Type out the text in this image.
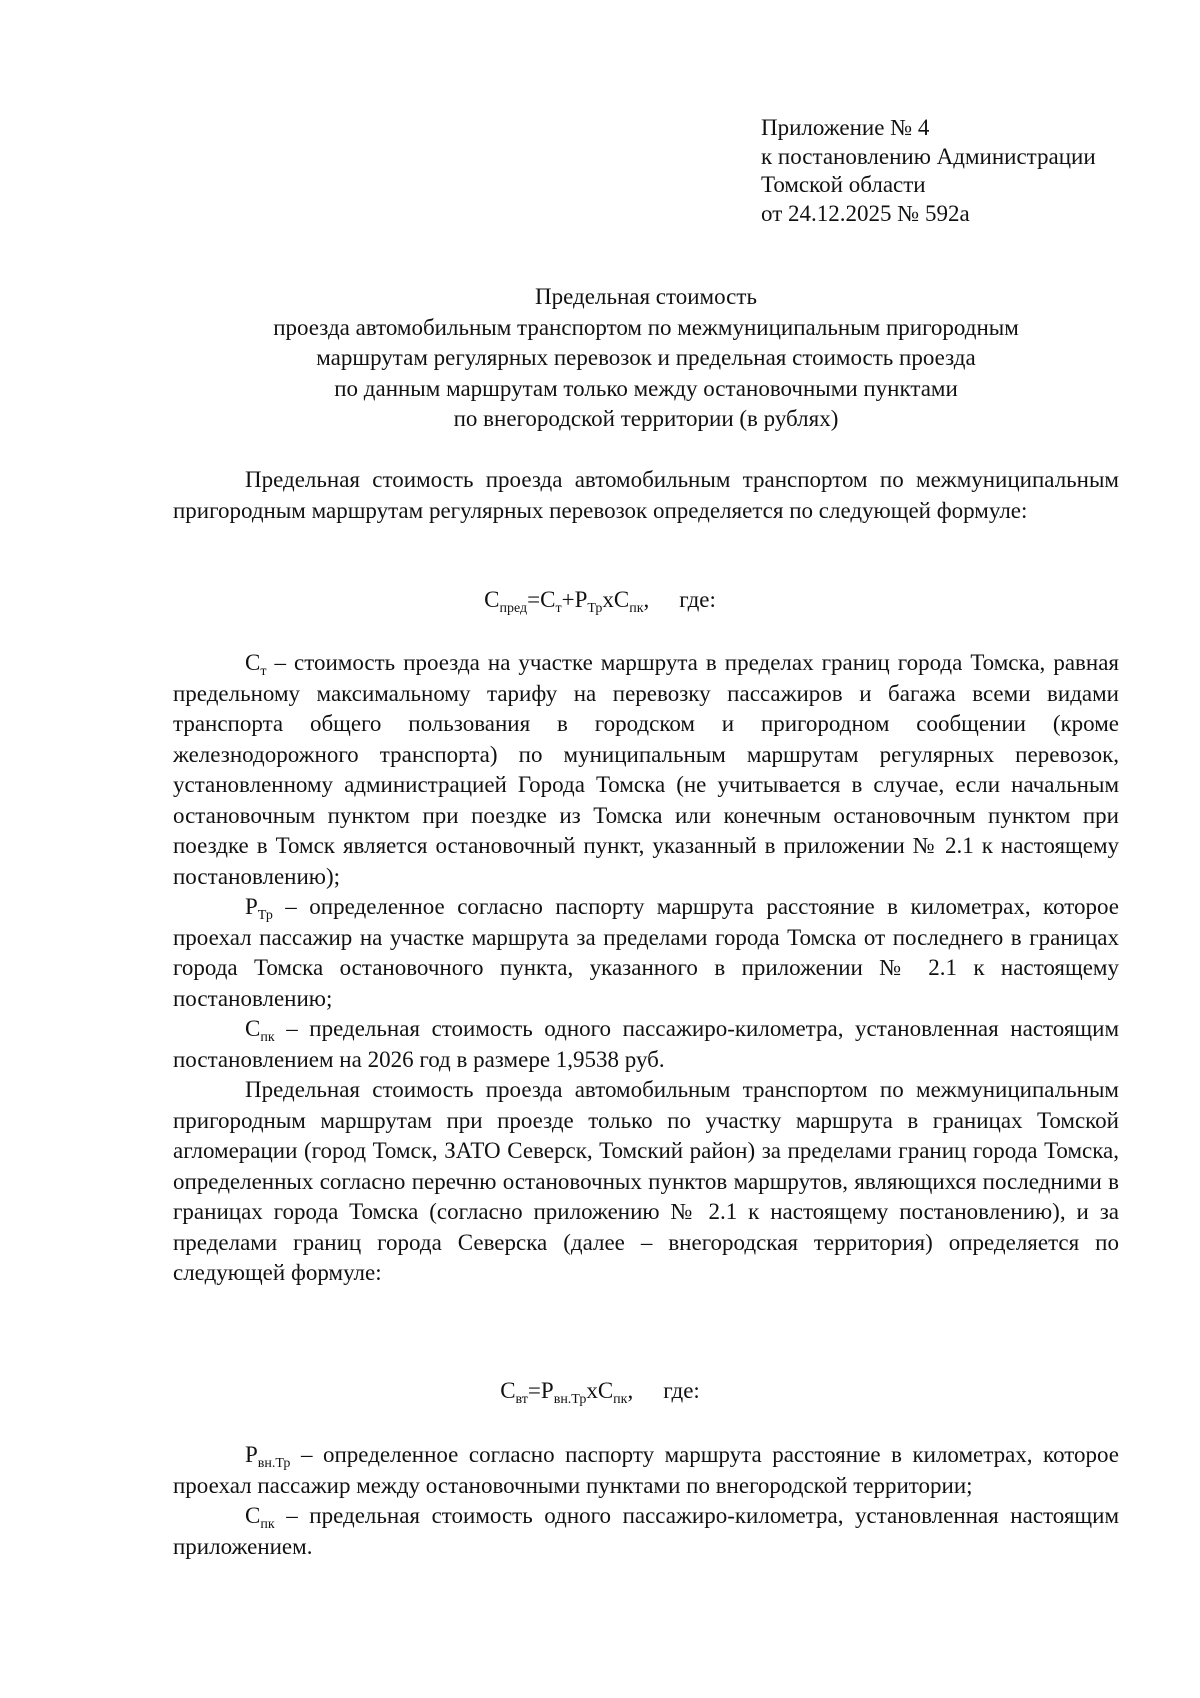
Приложение № 4
к постановлению Администрации
Томской области
от 24.12.2025 № 592а
Предельная стоимость
проезда автомобильным транспортом по межмуниципальным пригородным
маршрутам регулярных перевозок и предельная стоимость проезда
по данным маршрутам только между остановочными пунктами
по внегородской территории (в рублях)

Предельная стоимость проезда автомобильным транспортом по межмуниципальным пригородным маршрутам регулярных перевозок определяется по следующей формуле:

$С_{пред}=С_т+Р_{Тр}xС_{пк}$, где:

$С_т$ – стоимость проезда на участке маршрута в пределах границ города Томска, равная предельному максимальному тарифу на перевозку пассажиров и багажа всеми видами транспорта общего пользования в городском и пригородном сообщении (кроме железнодорожного транспорта) по муниципальным маршрутам регулярных перевозок, установленному администрацией Города Томска (не учитывается в случае, если начальным остановочным пунктом при поездке из Томска или конечным остановочным пунктом при поездке в Томск является остановочный пункт, указанный в приложении № 2.1 к настоящему постановлению);

$Р_{Тр}$ – определенное согласно паспорту маршрута расстояние в километрах, которое проехал пассажир на участке маршрута за пределами города Томска от последнего в границах города Томска остановочного пункта, указанного в приложении № 2.1 к настоящему постановлению;

$С_{пк}$ – предельная стоимость одного пассажиро-километра, установленная настоящим постановлением на 2026 год в размере 1,9538 руб.

Предельная стоимость проезда автомобильным транспортом по межмуниципальным пригородным маршрутам при проезде только по участку маршрута в границах Томской агломерации (город Томск, ЗАТО Северск, Томский район) за пределами границ города Томска, определенных согласно перечню остановочных пунктов маршрутов, являющихся последними в границах города Томска (согласно приложению № 2.1 к настоящему постановлению), и за пределами границ города Северска (далее – внегородская территория) определяется по следующей формуле:

$С_{вт}=Р_{вн.Тр}xС_{пк}$, где:

$Р_{вн.Тр}$ – определенное согласно паспорту маршрута расстояние в километрах, которое проехал пассажир между остановочными пунктами по внегородской территории;

$С_{пк}$ – предельная стоимость одного пассажиро-километра, установленная настоящим приложением.
